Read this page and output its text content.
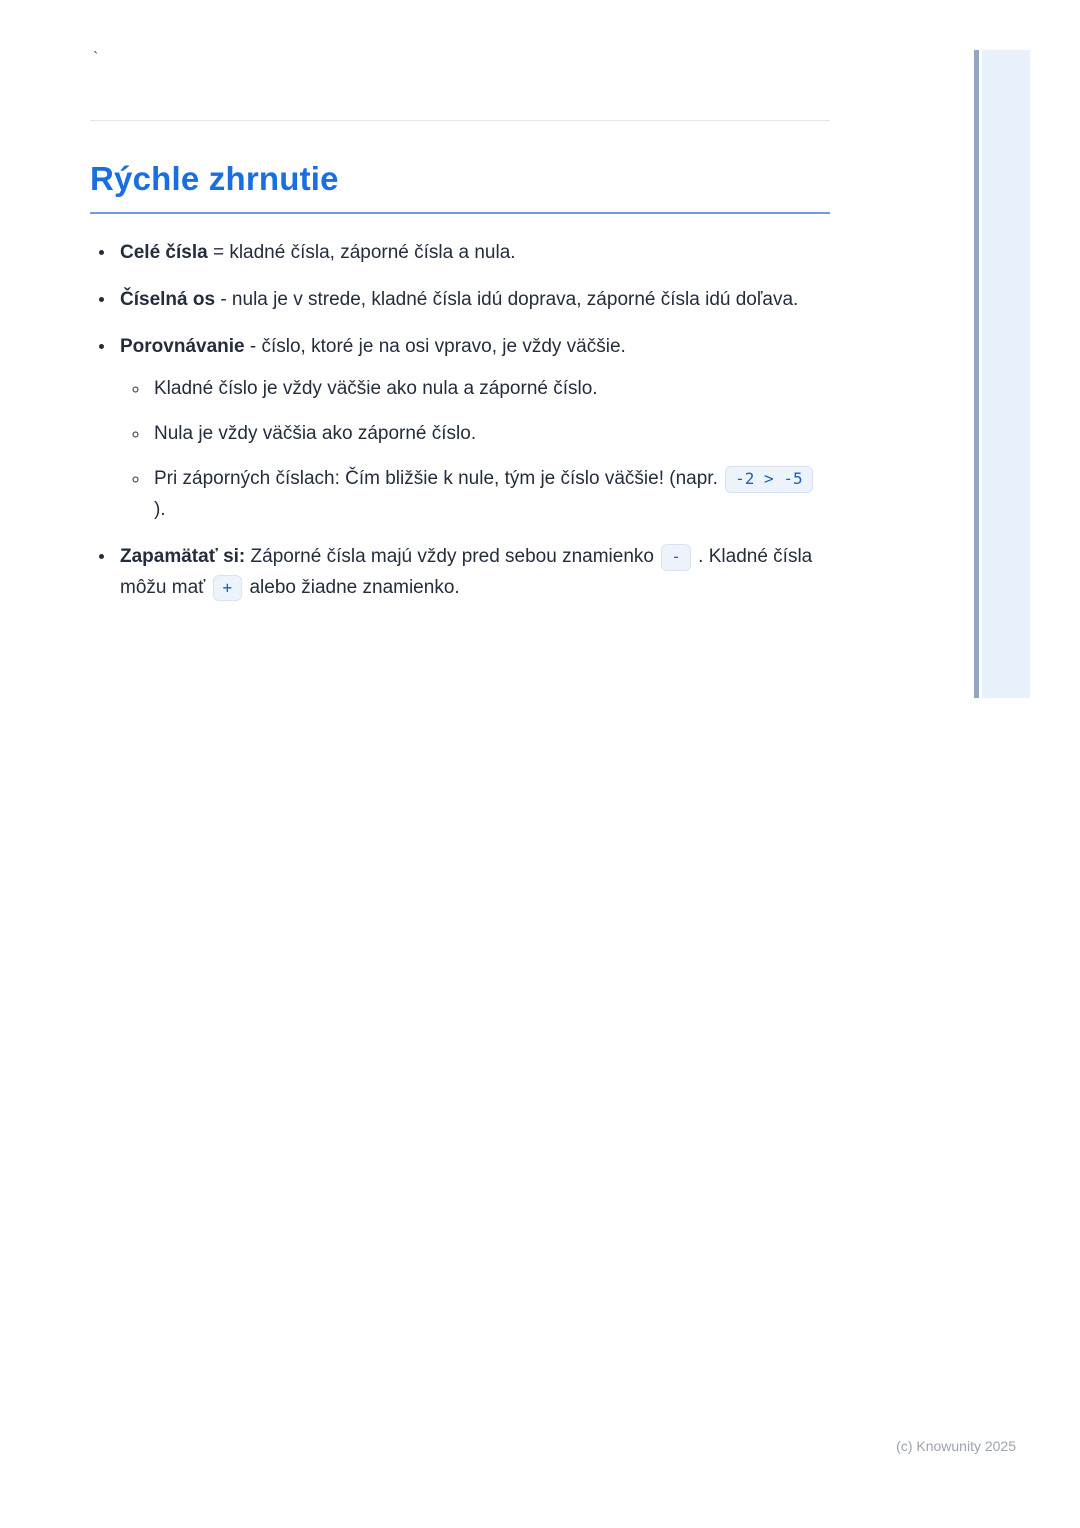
`
Rýchle zhrnutie
• Celé čísla = kladné čísla, záporné čísla a nula.
• Číselná os - nula je v strede, kladné čísla idú doprava, záporné čísla idú doľava.
• Porovnávanie - číslo, ktoré je na osi vpravo, je vždy väčšie.
◦ Kladné číslo je vždy väčšie ako nula a záporné číslo.
◦ Nula je vždy väčšia ako záporné číslo.
◦ Pri záporných číslach: Čím bližšie k nule, tým je číslo väčšie! (napr. -2 > -5 ).
• Zapamätať si: Záporné čísla majú vždy pred sebou znamienko - . Kladné čísla môžu mať + alebo žiadne znamienko.
(c) Knowunity 2025
